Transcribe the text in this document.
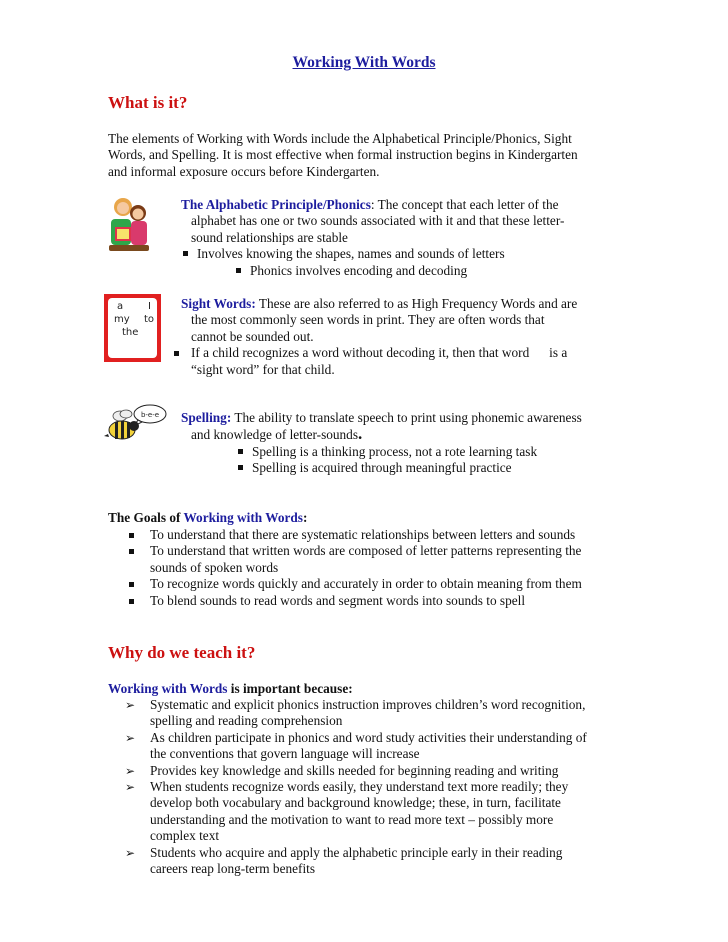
Working With Words
What is it?
The elements of Working with Words include the Alphabetical Principle/Phonics, Sight
Words, and Spelling. It is most effective when formal instruction begins in Kindergarten
and informal exposure occurs before Kindergarten.
The Alphabetic Principle/Phonics: The concept that each letter of the
alphabet has one or two sounds associated with it and that these letter-
sound relationships are stable
Involves knowing the shapes, names and sounds of letters
Phonics involves encoding and decoding
a I
my to
the
Sight Words: These are also referred to as High Frequency Words and are
the most commonly seen words in print. They are often words that
cannot be sounded out.
If a child recognizes a word without decoding it, then that word      is a
“sight word” for that child.
b-e-e Spelling: The ability to translate speech to print using phonemic awareness
and knowledge of letter-sounds.
Spelling is a thinking process, not a rote learning task
Spelling is acquired through meaningful practice
The Goals of Working with Words:
To understand that there are systematic relationships between letters and sounds
To understand that written words are composed of letter patterns representing the
sounds of spoken words
To recognize words quickly and accurately in order to obtain meaning from them
To blend sounds to read words and segment words into sounds to spell
Why do we teach it?
Working with Words is important because:
➢ Systematic and explicit phonics instruction improves children’s word recognition,
spelling and reading comprehension
➢ As children participate in phonics and word study activities their understanding of
the conventions that govern language will increase
➢ Provides key knowledge and skills needed for beginning reading and writing
➢ When students recognize words easily, they understand text more readily; they
develop both vocabulary and background knowledge; these, in turn, facilitate
understanding and the motivation to want to read more text – possibly more
complex text
➢ Students who acquire and apply the alphabetic principle early in their reading
careers reap long-term benefits
